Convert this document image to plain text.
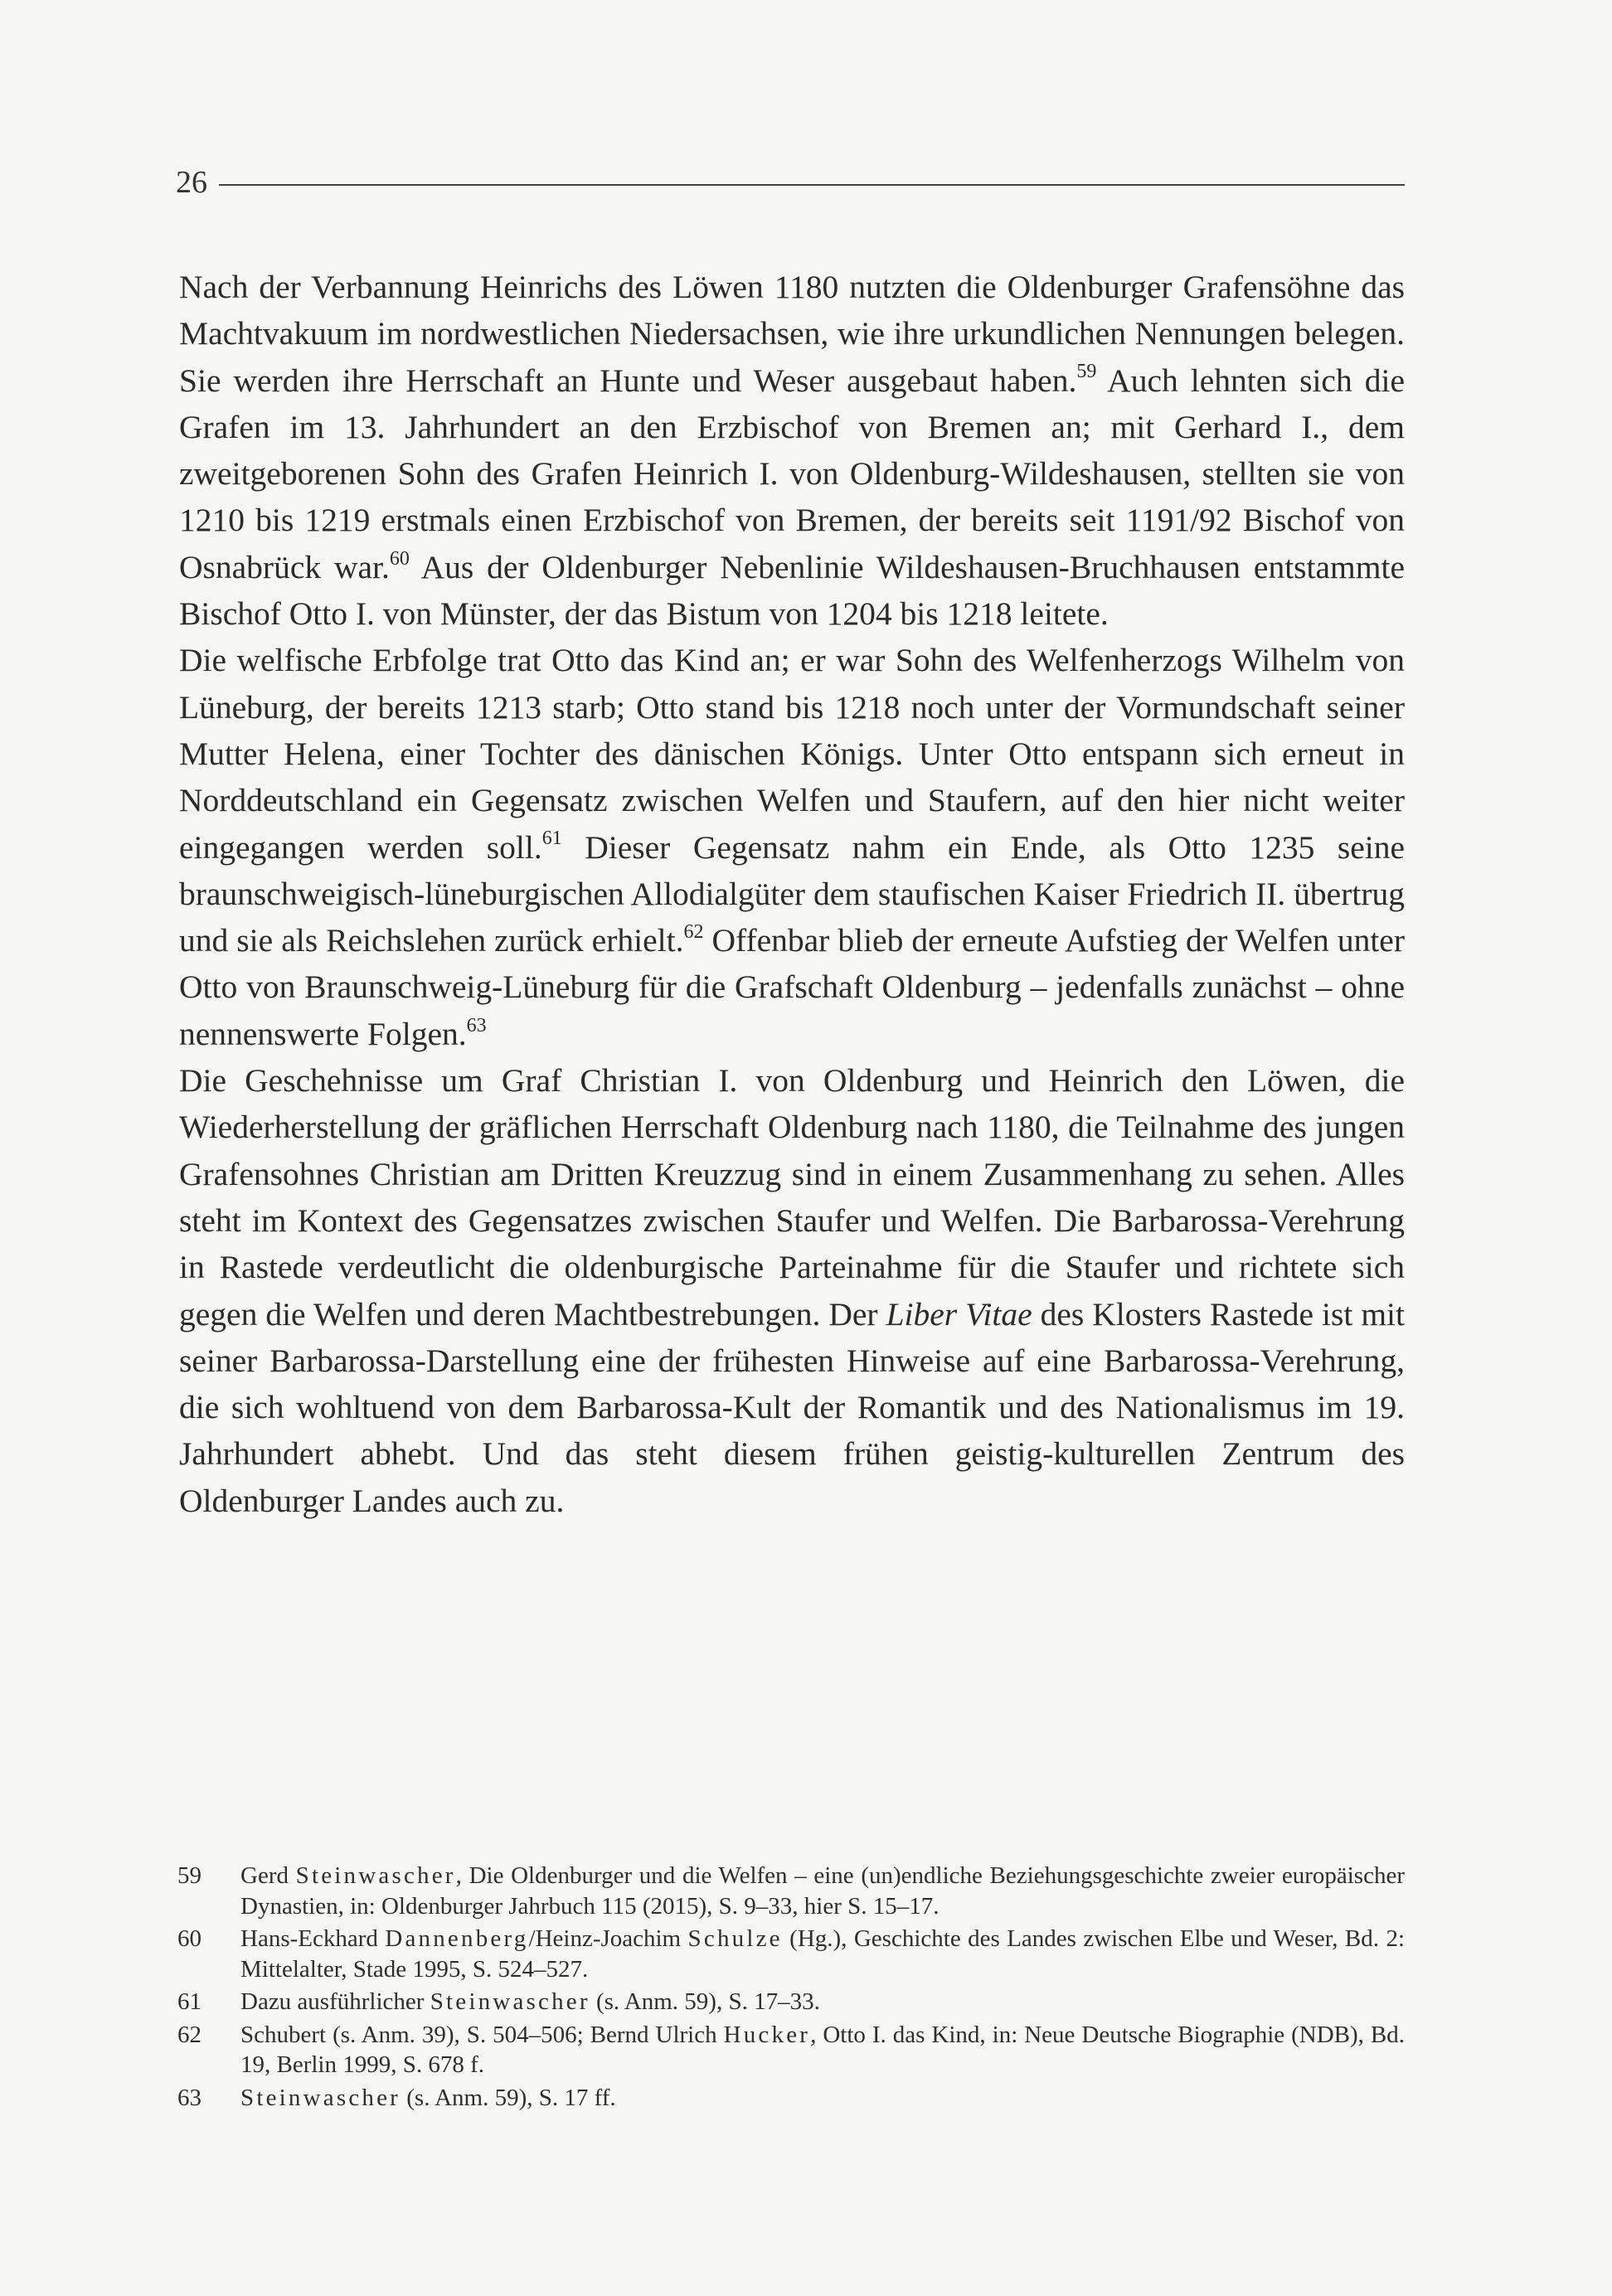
26

Nach der Verbannung Heinrichs des Löwen 1180 nutzten die Oldenburger Grafensöhne das Machtvakuum im nordwestlichen Niedersachsen, wie ihre urkundlichen Nennungen belegen. Sie werden ihre Herrschaft an Hunte und Weser ausgebaut haben.$^{59}$ Auch lehnten sich die Grafen im 13. Jahrhundert an den Erzbischof von Bremen an; mit Gerhard I., dem zweitgeborenen Sohn des Grafen Heinrich I. von Oldenburg-Wildeshausen, stellten sie von 1210 bis 1219 erstmals einen Erzbischof von Bremen, der bereits seit 1191/92 Bischof von Osnabrück war.$^{60}$ Aus der Oldenburger Nebenlinie Wildeshausen-Bruchhausen entstammte Bischof Otto I. von Münster, der das Bistum von 1204 bis 1218 leitete.

Die welfische Erbfolge trat Otto das Kind an; er war Sohn des Welfenherzogs Wilhelm von Lüneburg, der bereits 1213 starb; Otto stand bis 1218 noch unter der Vormundschaft seiner Mutter Helena, einer Tochter des dänischen Königs. Unter Otto entspann sich erneut in Norddeutschland ein Gegensatz zwischen Welfen und Staufern, auf den hier nicht weiter eingegangen werden soll.$^{61}$ Dieser Gegensatz nahm ein Ende, als Otto 1235 seine braunschweigisch-lüneburgischen Allodialgüter dem staufischen Kaiser Friedrich II. übertrug und sie als Reichslehen zurück erhielt.$^{62}$ Offenbar blieb der erneute Aufstieg der Welfen unter Otto von Braunschweig-Lüneburg für die Grafschaft Oldenburg – jedenfalls zunächst – ohne nennenswerte Folgen.$^{63}$

Die Geschehnisse um Graf Christian I. von Oldenburg und Heinrich den Löwen, die Wiederherstellung der gräflichen Herrschaft Oldenburg nach 1180, die Teilnahme des jungen Grafensohnes Christian am Dritten Kreuzzug sind in einem Zusammenhang zu sehen. Alles steht im Kontext des Gegensatzes zwischen Staufer und Welfen. Die Barbarossa-Verehrung in Rastede verdeutlicht die oldenburgische Parteinahme für die Staufer und richtete sich gegen die Welfen und deren Machtbestrebungen. Der Liber Vitae des Klosters Rastede ist mit seiner Barbarossa-Darstellung eine der frühesten Hinweise auf eine Barbarossa-Verehrung, die sich wohltuend von dem Barbarossa-Kult der Romantik und des Nationalismus im 19. Jahrhundert abhebt. Und das steht diesem frühen geistig-kulturellen Zentrum des Oldenburger Landes auch zu.

59	Gerd Steinwascher, Die Oldenburger und die Welfen – eine (un)endliche Beziehungsgeschichte zweier europäischer Dynastien, in: Oldenburger Jahrbuch 115 (2015), S. 9–33, hier S. 15–17.
60	Hans-Eckhard Dannenberg/Heinz-Joachim Schulze (Hg.), Geschichte des Landes zwischen Elbe und Weser, Bd. 2: Mittelalter, Stade 1995, S. 524–527.
61	Dazu ausführlicher Steinwascher (s. Anm. 59), S. 17–33.
62	Schubert (s. Anm. 39), S. 504–506; Bernd Ulrich Hucker, Otto I. das Kind, in: Neue Deutsche Biographie (NDB), Bd. 19, Berlin 1999, S. 678 f.
63	Steinwascher (s. Anm. 59), S. 17 ff.
